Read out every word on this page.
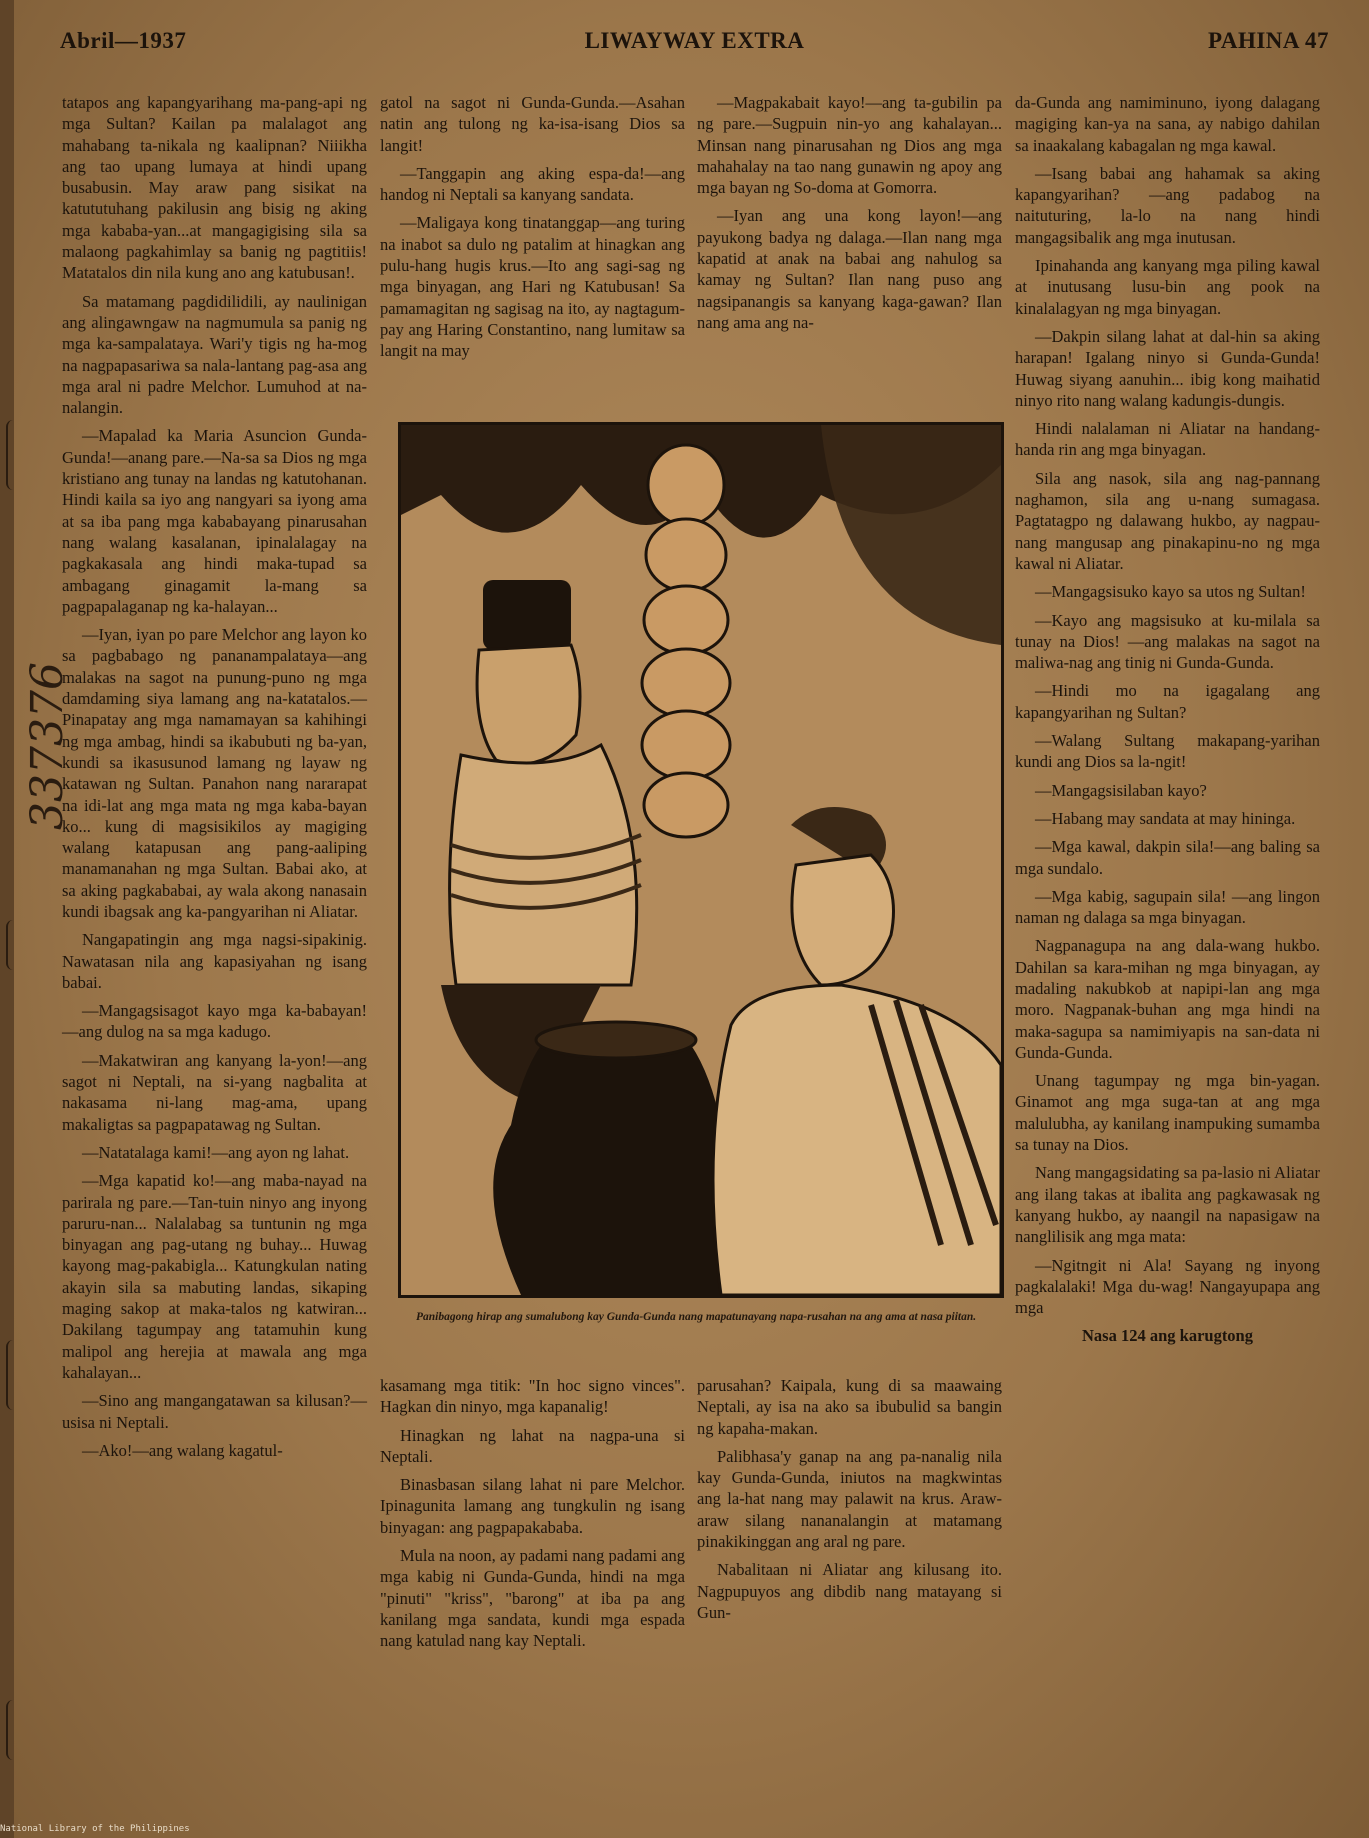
Abril—1937	LIWAYWAY EXTRA	PAHINA 47
337376

tatapos ang kapangyarihang ma-pang-api ng mga Sultan? Kailan pa malalagot ang mahabang ta-nikala ng kaalipnan? Niiikha ang tao upang lumaya at hindi upang busabusin. May araw pang sisikat na katututuhang pakilusin ang bisig ng aking mga kababa-yan...at mangagigising sila sa malaong pagkahimlay sa banig ng pagtitiis! Matatalos din nila kung ano ang katubusan!.

Sa matamang pagdidilidili, ay naulinigan ang alingawngaw na nagmumula sa panig ng mga ka-sampalataya. Wari'y tigis ng ha-mog na nagpapasariwa sa nala-lantang pag-asa ang mga aral ni padre Melchor. Lumuhod at na-nalangin.

—Mapalad ka Maria Asuncion Gunda-Gunda!—anang pare.—Na-sa sa Dios ng mga kristiano ang tunay na landas ng katutohanan. Hindi kaila sa iyo ang nangyari sa iyong ama at sa iba pang mga kababayang pinarusahan nang walang kasalanan, ipinalalagay na pagkakasala ang hindi maka-tupad sa ambagang ginagamit la-mang sa pagpapalaganap ng ka-halayan...

—Iyan, iyan po pare Melchor ang layon ko sa pagbabago ng pananampalataya—ang malakas na sagot na punung-puno ng mga damdaming siya lamang ang na-katatalos.—Pinapatay ang mga namamayan sa kahihingi ng mga ambag, hindi sa ikabubuti ng ba-yan, kundi sa ikasusunod lamang ng layaw ng katawan ng Sultan. Panahon nang nararapat na idi-lat ang mga mata ng mga kaba-bayan ko... kung di magsisikilos ay magiging walang katapusan ang pang-aaliping manamanahan ng mga Sultan. Babai ako, at sa aking pagkababai, ay wala akong nanasain kundi ibagsak ang ka-pangyarihan ni Aliatar.

Nangapatingin ang mga nagsi-sipakinig. Nawatasan nila ang kapasiyahan ng isang babai.

—Mangagsisagot kayo mga ka-babayan!—ang dulog na sa mga kadugo.

—Makatwiran ang kanyang la-yon!—ang sagot ni Neptali, na si-yang nagbalita at nakasama ni-lang mag-ama, upang makaligtas sa pagpapatawag ng Sultan.

—Natatalaga kami!—ang ayon ng lahat.

—Mga kapatid ko!—ang maba-nayad na parirala ng pare.—Tan-tuin ninyo ang inyong paruru-nan... Nalalabag sa tuntunin ng mga binyagan ang pag-utang ng buhay... Huwag kayong mag-pakabigla... Katungkulan nating akayin sila sa mabuting landas, sikaping maging sakop at maka-talos ng katwiran... Dakilang tagumpay ang tatamuhin kung malipol ang herejia at mawala ang mga kahalayan...

—Sino ang mangangatawan sa kilusan?—usisa ni Neptali.

—Ako!—ang walang kagatul-

gatol na sagot ni Gunda-Gunda.—Asahan natin ang tulong ng ka-isa-isang Dios sa langit!

—Tanggapin ang aking espa-da!—ang handog ni Neptali sa kanyang sandata.

—Maligaya kong tinatanggap—ang turing na inabot sa dulo ng patalim at hinagkan ang pulu-hang hugis krus.—Ito ang sagi-sag ng mga binyagan, ang Hari ng Katubusan! Sa pamamagitan ng sagisag na ito, ay nagtagum-pay ang Haring Constantino, nang lumitaw sa langit na may

—Magpakabait kayo!—ang ta-gubilin pa ng pare.—Sugpuin nin-yo ang kahalayan... Minsan nang pinarusahan ng Dios ang mga mahahalay na tao nang gunawin ng apoy ang mga bayan ng So-doma at Gomorra.

—Iyan ang una kong layon!—ang payukong badya ng dalaga.—Ilan nang mga kapatid at anak na babai ang nahulog sa kamay ng Sultan? Ilan nang puso ang nagsipanangis sa kanyang kaga-gawan? Ilan nang ama ang na-

Panibagong hirap ang sumalubong kay Gunda-Gunda nang mapatunayang napa-rusahan na ang ama at nasa piitan.

kasamang mga titik: "In hoc signo vinces". Hagkan din ninyo, mga kapanalig!

Hinagkan ng lahat na nagpa-una si Neptali.

Binasbasan silang lahat ni pare Melchor. Ipinagunita lamang ang tungkulin ng isang binyagan: ang pagpapakababa.

Mula na noon, ay padami nang padami ang mga kabig ni Gunda-Gunda, hindi na mga "pinuti" "kriss", "barong" at iba pa ang kanilang mga sandata, kundi mga espada nang katulad nang kay Neptali.

parusahan? Kaipala, kung di sa maawaing Neptali, ay isa na ako sa ibubulid sa bangin ng kapaha-makan.

Palibhasa'y ganap na ang pa-nanalig nila kay Gunda-Gunda, iniutos na magkwintas ang la-hat nang may palawit na krus. Araw-araw silang nananalangin at matamang pinakikinggan ang aral ng pare.

Nabalitaan ni Aliatar ang kilusang ito. Nagpupuyos ang dibdib nang matayang si Gun-

da-Gunda ang namiminuno, iyong dalagang magiging kan-ya na sana, ay nabigo dahilan sa inaakalang kabagalan ng mga kawal.

—Isang babai ang hahamak sa aking kapangyarihan? —ang padabog na naituturing, la-lo na nang hindi mangagsibalik ang mga inutusan.

Ipinahanda ang kanyang mga piling kawal at inutusang lusu-bin ang pook na kinalalagyan ng mga binyagan.

—Dakpin silang lahat at dal-hin sa aking harapan! Igalang ninyo si Gunda-Gunda! Huwag siyang aanuhin... ibig kong maihatid ninyo rito nang walang kadungis-dungis.

Hindi nalalaman ni Aliatar na handang-handa rin ang mga binyagan.

Sila ang nasok, sila ang nag-pannang naghamon, sila ang u-nang sumagasa. Pagtatagpo ng dalawang hukbo, ay nagpau-nang mangusap ang pinakapinu-no ng mga kawal ni Aliatar.

—Mangagsisuko kayo sa utos ng Sultan!

—Kayo ang magsisuko at ku-milala sa tunay na Dios! —ang malakas na sagot na maliwa-nag ang tinig ni Gunda-Gunda.

—Hindi mo na igagalang ang kapangyarihan ng Sultan?

—Walang Sultang makapang-yarihan kundi ang Dios sa la-ngit!

—Mangagsisilaban kayo?

—Habang may sandata at may hininga.

—Mga kawal, dakpin sila!—ang baling sa mga sundalo.

—Mga kabig, sagupain sila! —ang lingon naman ng dalaga sa mga binyagan.

Nagpanagupa na ang dala-wang hukbo. Dahilan sa kara-mihan ng mga binyagan, ay madaling nakubkob at napipi-lan ang mga moro. Nagpanak-buhan ang mga hindi na maka-sagupa sa namimiyapis na san-data ni Gunda-Gunda.

Unang tagumpay ng mga bin-yagan. Ginamot ang mga suga-tan at ang mga malulubha, ay kanilang inampuking sumamba sa tunay na Dios.

Nang mangagsidating sa pa-lasio ni Aliatar ang ilang takas at ibalita ang pagkawasak ng kanyang hukbo, ay naangil na napasigaw na nanglilisik ang mga mata:

—Ngitngit ni Ala! Sayang ng inyong pagkalalaki! Mga du-wag! Nangayupapa ang mga

Nasa 124 ang karugtong

National Library of the Philippines
